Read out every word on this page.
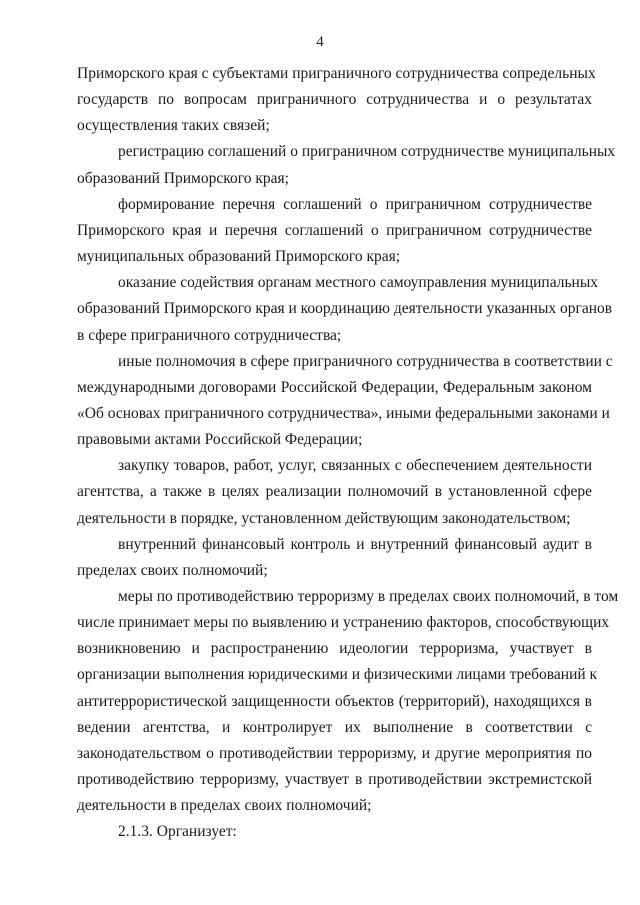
4
Приморского края с субъектами приграничного сотрудничества сопредельных
государств по вопросам приграничного сотрудничества и о результатах
осуществления таких связей;
регистрацию соглашений о приграничном сотрудничестве муниципальных
образований Приморского края;
формирование перечня соглашений о приграничном сотрудничестве
Приморского края и перечня соглашений о приграничном сотрудничестве
муниципальных образований Приморского края;
оказание содействия органам местного самоуправления муниципальных
образований Приморского края и координацию деятельности указанных органов
в сфере приграничного сотрудничества;
иные полномочия в сфере приграничного сотрудничества в соответствии с
международными договорами Российской Федерации, Федеральным законом
«Об основах приграничного сотрудничества», иными федеральными законами и
правовыми актами Российской Федерации;
закупку товаров, работ, услуг, связанных с обеспечением деятельности
агентства, а также в целях реализации полномочий в установленной сфере
деятельности в порядке, установленном действующим законодательством;
внутренний финансовый контроль и внутренний финансовый аудит в
пределах своих полномочий;
меры по противодействию терроризму в пределах своих полномочий, в том
числе принимает меры по выявлению и устранению факторов, способствующих
возникновению и распространению идеологии терроризма, участвует в
организации выполнения юридическими и физическими лицами требований к
антитеррористической защищенности объектов (территорий), находящихся в
ведении агентства, и контролирует их выполнение в соответствии с
законодательством о противодействии терроризму, и другие мероприятия по
противодействию терроризму, участвует в противодействии экстремистской
деятельности в пределах своих полномочий;
2.1.3. Организует:
